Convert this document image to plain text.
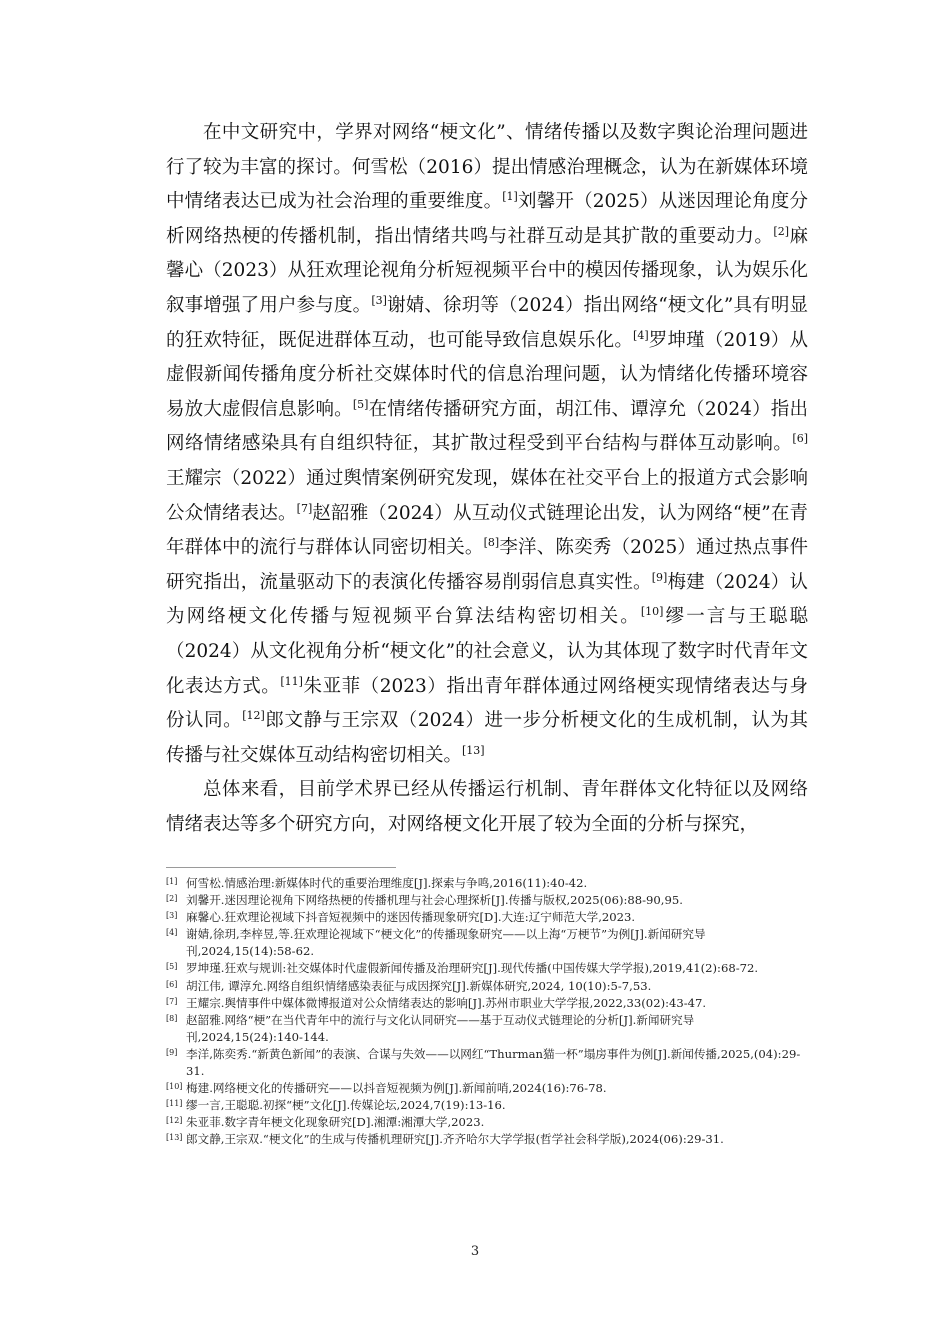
在中文研究中，学界对网络“梗文化”、情绪传播以及数字舆论治理问题进行了较为丰富的探讨。何雪松（2016）提出情感治理概念，认为在新媒体环境中情绪表达已成为社会治理的重要维度。[1]刘馨开（2025）从迷因理论角度分析网络热梗的传播机制，指出情绪共鸣与社群互动是其扩散的重要动力。[2]麻馨心（2023）从狂欢理论视角分析短视频平台中的模因传播现象，认为娱乐化叙事增强了用户参与度。[3]谢婧、徐玥等（2024）指出网络“梗文化”具有明显的狂欢特征，既促进群体互动，也可能导致信息娱乐化。[4]罗坤瑾（2019）从虚假新闻传播角度分析社交媒体时代的信息治理问题，认为情绪化传播环境容易放大虚假信息影响。[5]在情绪传播研究方面，胡江伟、谭淳允（2024）指出网络情绪感染具有自组织特征，其扩散过程受到平台结构与群体互动影响。[6]王耀宗（2022）通过舆情案例研究发现，媒体在社交平台上的报道方式会影响公众情绪表达。[7]赵韶雅（2024）从互动仪式链理论出发，认为网络“梗”在青年群体中的流行与群体认同密切相关。[8]李洋、陈奕秀（2025）通过热点事件研究指出，流量驱动下的表演化传播容易削弱信息真实性。[9]梅建（2024）认为网络梗文化传播与短视频平台算法结构密切相关。[10]缪一言与王聪聪（2024）从文化视角分析“梗文化”的社会意义，认为其体现了数字时代青年文化表达方式。[11]朱亚菲（2023）指出青年群体通过网络梗实现情绪表达与身份认同。[12]郎文静与王宗双（2024）进一步分析梗文化的生成机制，认为其传播与社交媒体互动结构密切相关。[13]

总体来看，目前学术界已经从传播运行机制、青年群体文化特征以及网络情绪表达等多个研究方向，对网络梗文化开展了较为全面的分析与探究，

[1] 何雪松.情感治理:新媒体时代的重要治理维度[J].探索与争鸣,2016(11):40-42.
[2] 刘馨开.迷因理论视角下网络热梗的传播机理与社会心理探析[J].传播与版权,2025(06):88-90,95.
[3] 麻馨心.狂欢理论视域下抖音短视频中的迷因传播现象研究[D].大连:辽宁师范大学,2023.
[4] 谢婧,徐玥,李梓昱,等.狂欢理论视域下“梗文化”的传播现象研究——以上海“万梗节”为例[J].新闻研究导刊,2024,15(14):58-62.
[5] 罗坤瑾.狂欢与规训:社交媒体时代虚假新闻传播及治理研究[J].现代传播(中国传媒大学学报),2019,41(2):68-72.
[6] 胡江伟, 谭淳允.网络自组织情绪感染表征与成因探究[J].新媒体研究,2024, 10(10):5-7,53.
[7] 王耀宗.舆情事件中媒体微博报道对公众情绪表达的影响[J].苏州市职业大学学报,2022,33(02):43-47.
[8] 赵韶雅.网络“梗”在当代青年中的流行与文化认同研究——基于互动仪式链理论的分析[J].新闻研究导刊,2024,15(24):140-144.
[9] 李洋,陈奕秀.“新黄色新闻”的表演、合谋与失效——以网红“Thurman猫一杯”塌房事件为例[J].新闻传播,2025,(04):29-31.
[10] 梅建.网络梗文化的传播研究——以抖音短视频为例[J].新闻前哨,2024(16):76-78.
[11] 缪一言,王聪聪.初探“梗”文化[J].传媒论坛,2024,7(19):13-16.
[12] 朱亚菲.数字青年梗文化现象研究[D].湘潭:湘潭大学,2023.
[13] 郎文静,王宗双.“梗文化”的生成与传播机理研究[J].齐齐哈尔大学学报(哲学社会科学版),2024(06):29-31.
3
